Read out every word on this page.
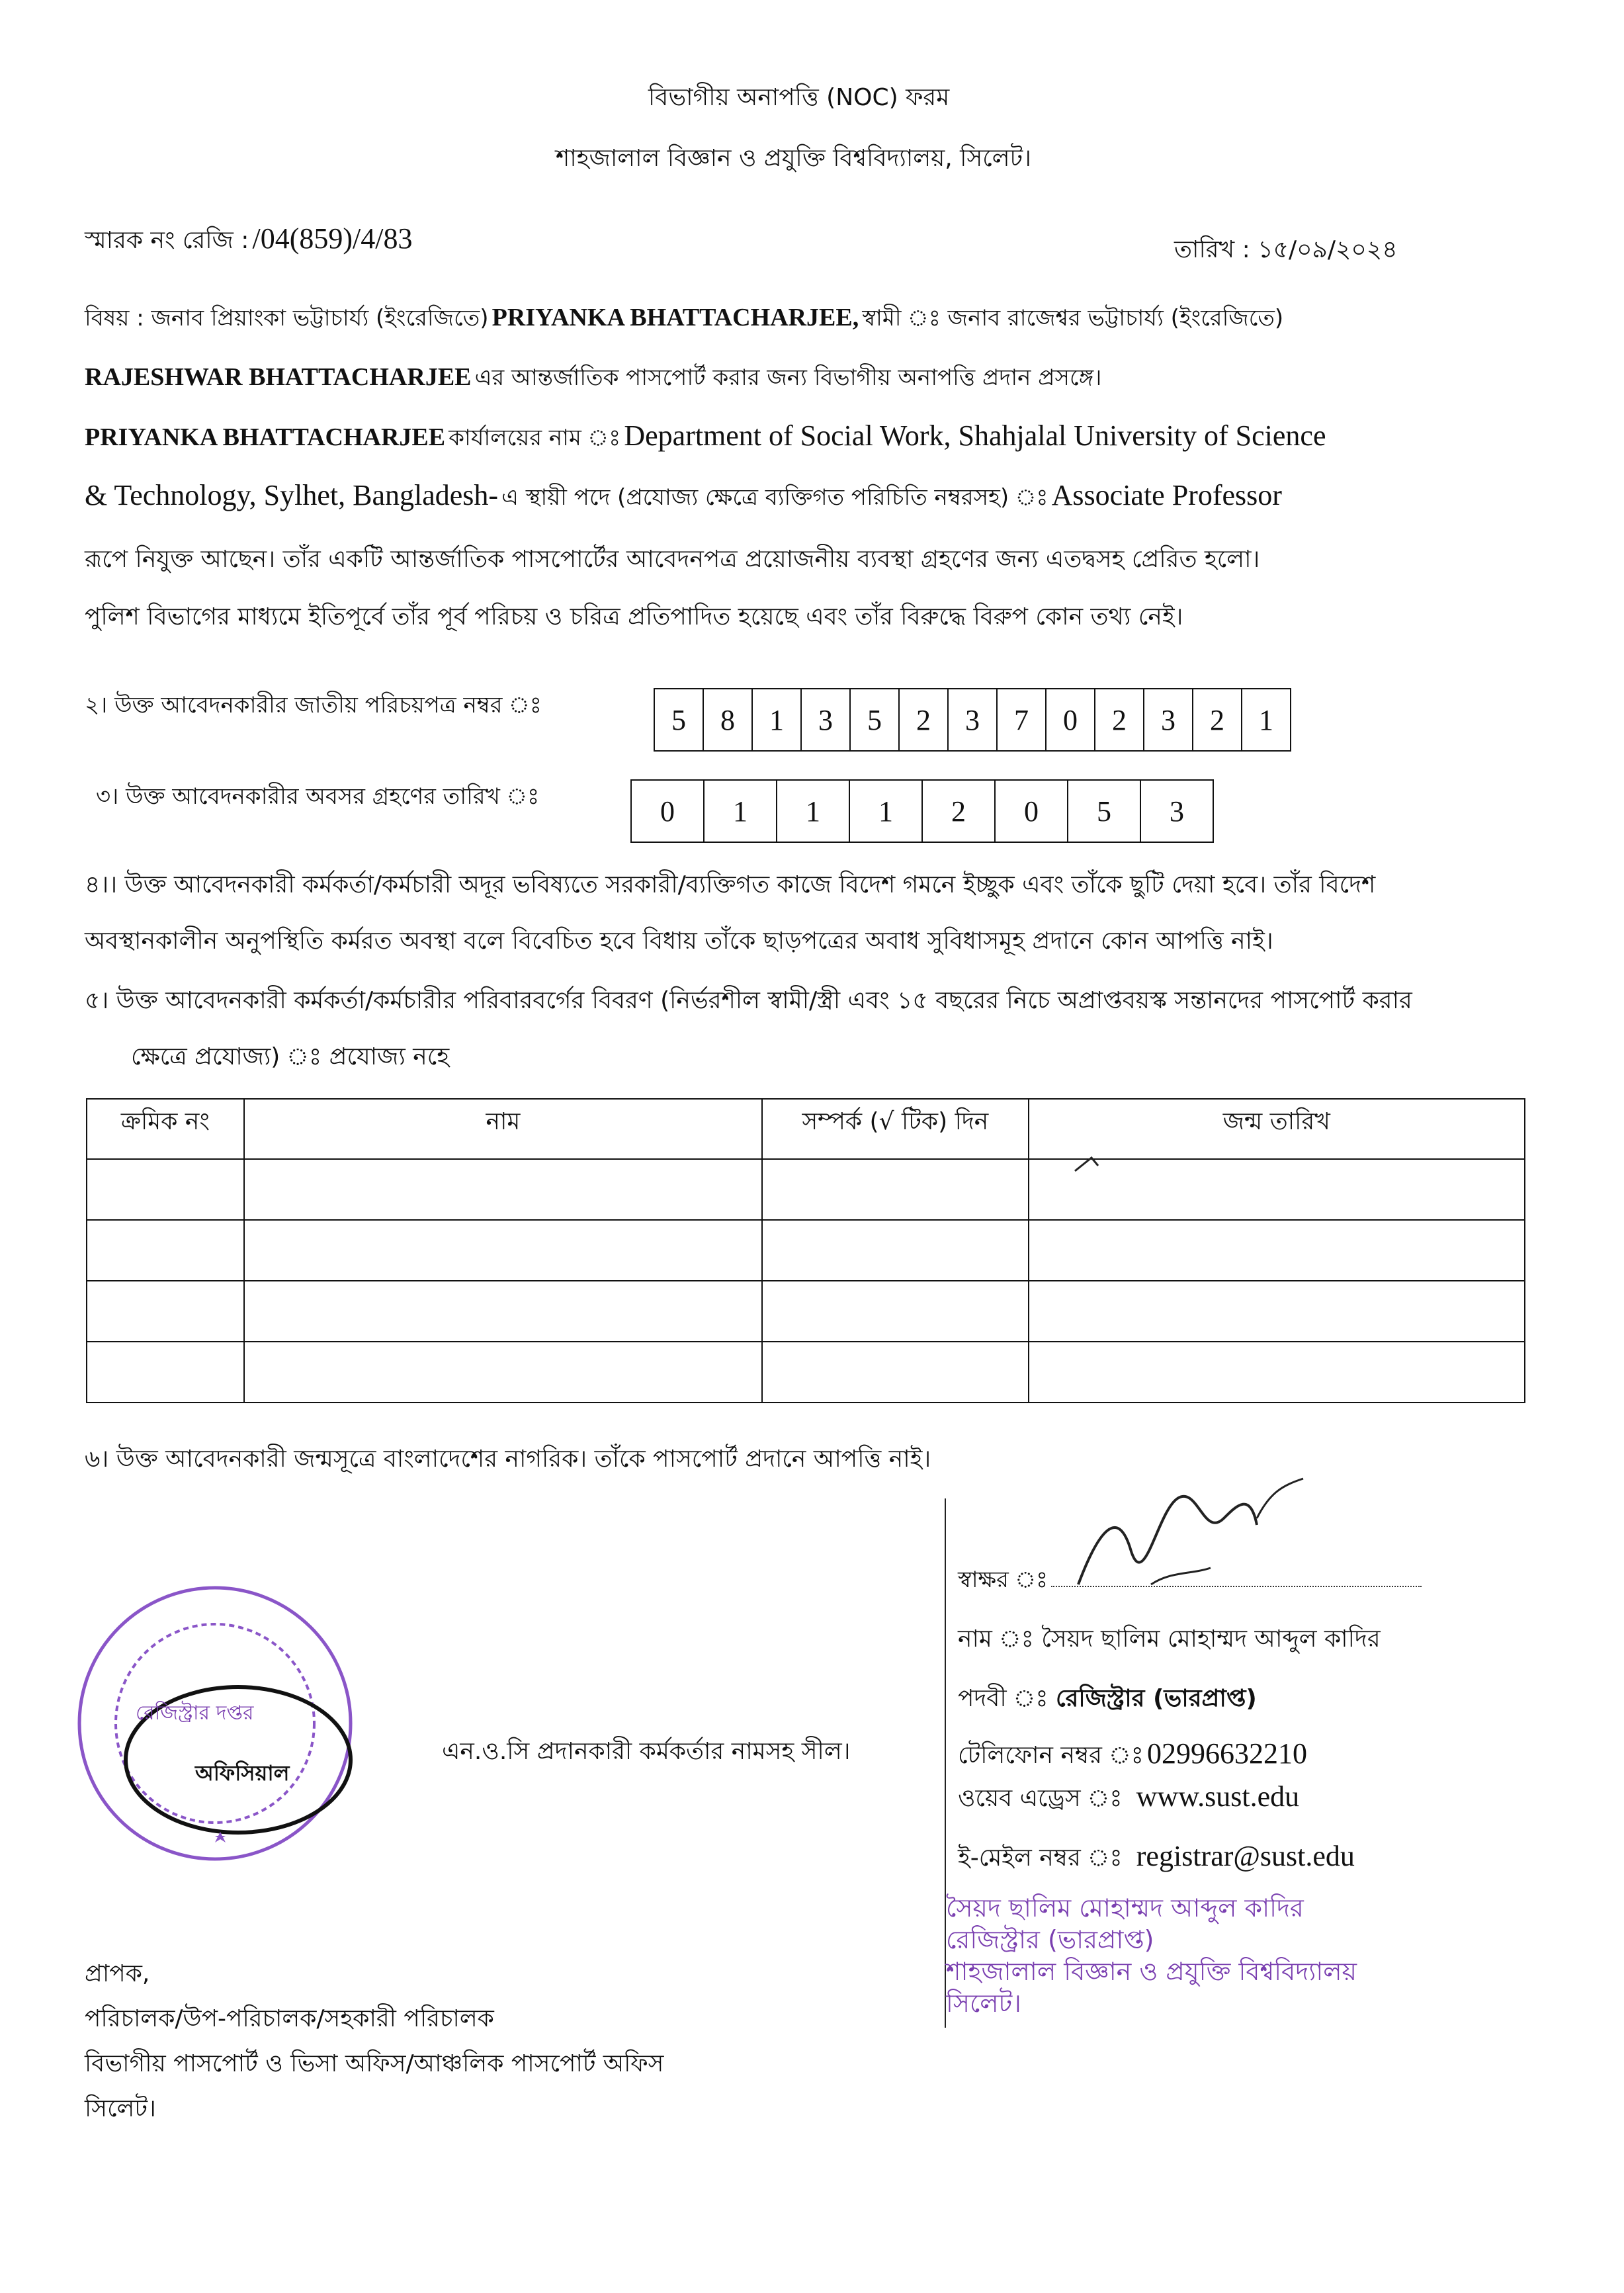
বিভাগীয় অনাপত্তি (NOC) ফরম
শাহজালাল বিজ্ঞান ও প্রযুক্তি বিশ্ববিদ্যালয়, সিলেট।
স্মারক নং রেজি : /04(859)/4/83	তারিখ : ১৫/০৯/২০২৪
বিষয় : জনাব প্রিয়াংকা ভট্টাচার্য্য (ইংরেজিতে) PRIYANKA BHATTACHARJEE, স্বামী ঃ জনাব রাজেশ্বর ভট্টাচার্য্য (ইংরেজিতে)
RAJESHWAR BHATTACHARJEE এর আন্তর্জাতিক পাসপোর্ট করার জন্য বিভাগীয় অনাপত্তি প্রদান প্রসঙ্গে।
PRIYANKA BHATTACHARJEE কার্যালয়ের নাম ঃ Department of Social Work, Shahjalal University of Science
& Technology, Sylhet, Bangladesh- এ স্থায়ী পদে (প্রযোজ্য ক্ষেত্রে ব্যক্তিগত পরিচিতি নম্বরসহ) ঃ Associate Professor
রূপে নিযুক্ত আছেন। তাঁর একটি আন্তর্জাতিক পাসপোর্টের আবেদনপত্র প্রয়োজনীয় ব্যবস্থা গ্রহণের জন্য এতদ্বসহ প্রেরিত হলো।
পুলিশ বিভাগের মাধ্যমে ইতিপূর্বে তাঁর পূর্ব পরিচয় ও চরিত্র প্রতিপাদিত হয়েছে এবং তাঁর বিরুদ্ধে বিরুপ কোন তথ্য নেই।
২। উক্ত আবেদনকারীর জাতীয় পরিচয়পত্র নম্বর ঃ	5	8	1	3	5	2	3	7	0	2	3	2	1
৩। উক্ত আবেদনকারীর অবসর গ্রহণের তারিখ ঃ	0	1	1	1	2	0	5	3
৪।। উক্ত আবেদনকারী কর্মকর্তা/কর্মচারী অদূর ভবিষ্যতে সরকারী/ব্যক্তিগত কাজে বিদেশ গমনে ইচ্ছুক এবং তাঁকে ছুটি দেয়া হবে। তাঁর বিদেশ
অবস্থানকালীন অনুপস্থিতি কর্মরত অবস্থা বলে বিবেচিত হবে বিধায় তাঁকে ছাড়পত্রের অবাধ সুবিধাসমূহ প্রদানে কোন আপত্তি নাই।
৫। উক্ত আবেদনকারী কর্মকর্তা/কর্মচারীর পরিবারবর্গের বিবরণ (নির্ভরশীল স্বামী/স্ত্রী এবং ১৫ বছরের নিচে অপ্রাপ্তবয়স্ক সন্তানদের পাসপোর্ট করার
ক্ষেত্রে প্রযোজ্য) ঃ প্রযোজ্য নহে
ক্রমিক নং	নাম	সম্পর্ক (√ টিক) দিন	জন্ম তারিখ

৬। উক্ত আবেদনকারী জন্মসূত্রে বাংলাদেশের নাগরিক। তাঁকে পাসপোর্ট প্রদানে আপত্তি নাই।
স্বাক্ষর ঃ
নাম ঃ সৈয়দ ছালিম মোহাম্মদ আব্দুল কাদির
পদবী ঃ রেজিস্ট্রার (ভারপ্রাপ্ত)
টেলিফোন নম্বর ঃ 02996632210
ওয়েব এড্রেস ঃ www.sust.edu
ই-মেইল নম্বর ঃ registrar@sust.edu
সৈয়দ ছালিম মোহাম্মদ আব্দুল কাদির
রেজিস্ট্রার (ভারপ্রাপ্ত)
শাহজালাল বিজ্ঞান ও প্রযুক্তি বিশ্ববিদ্যালয়
সিলেট।
রেজিস্ট্রার দপ্তর
অফিসিয়াল
এন.ও.সি প্রদানকারী কর্মকর্তার নামসহ সীল।
প্রাপক,
পরিচালক/উপ-পরিচালক/সহকারী পরিচালক
বিভাগীয় পাসপোর্ট ও ভিসা অফিস/আঞ্চলিক পাসপোর্ট অফিস
সিলেট।
